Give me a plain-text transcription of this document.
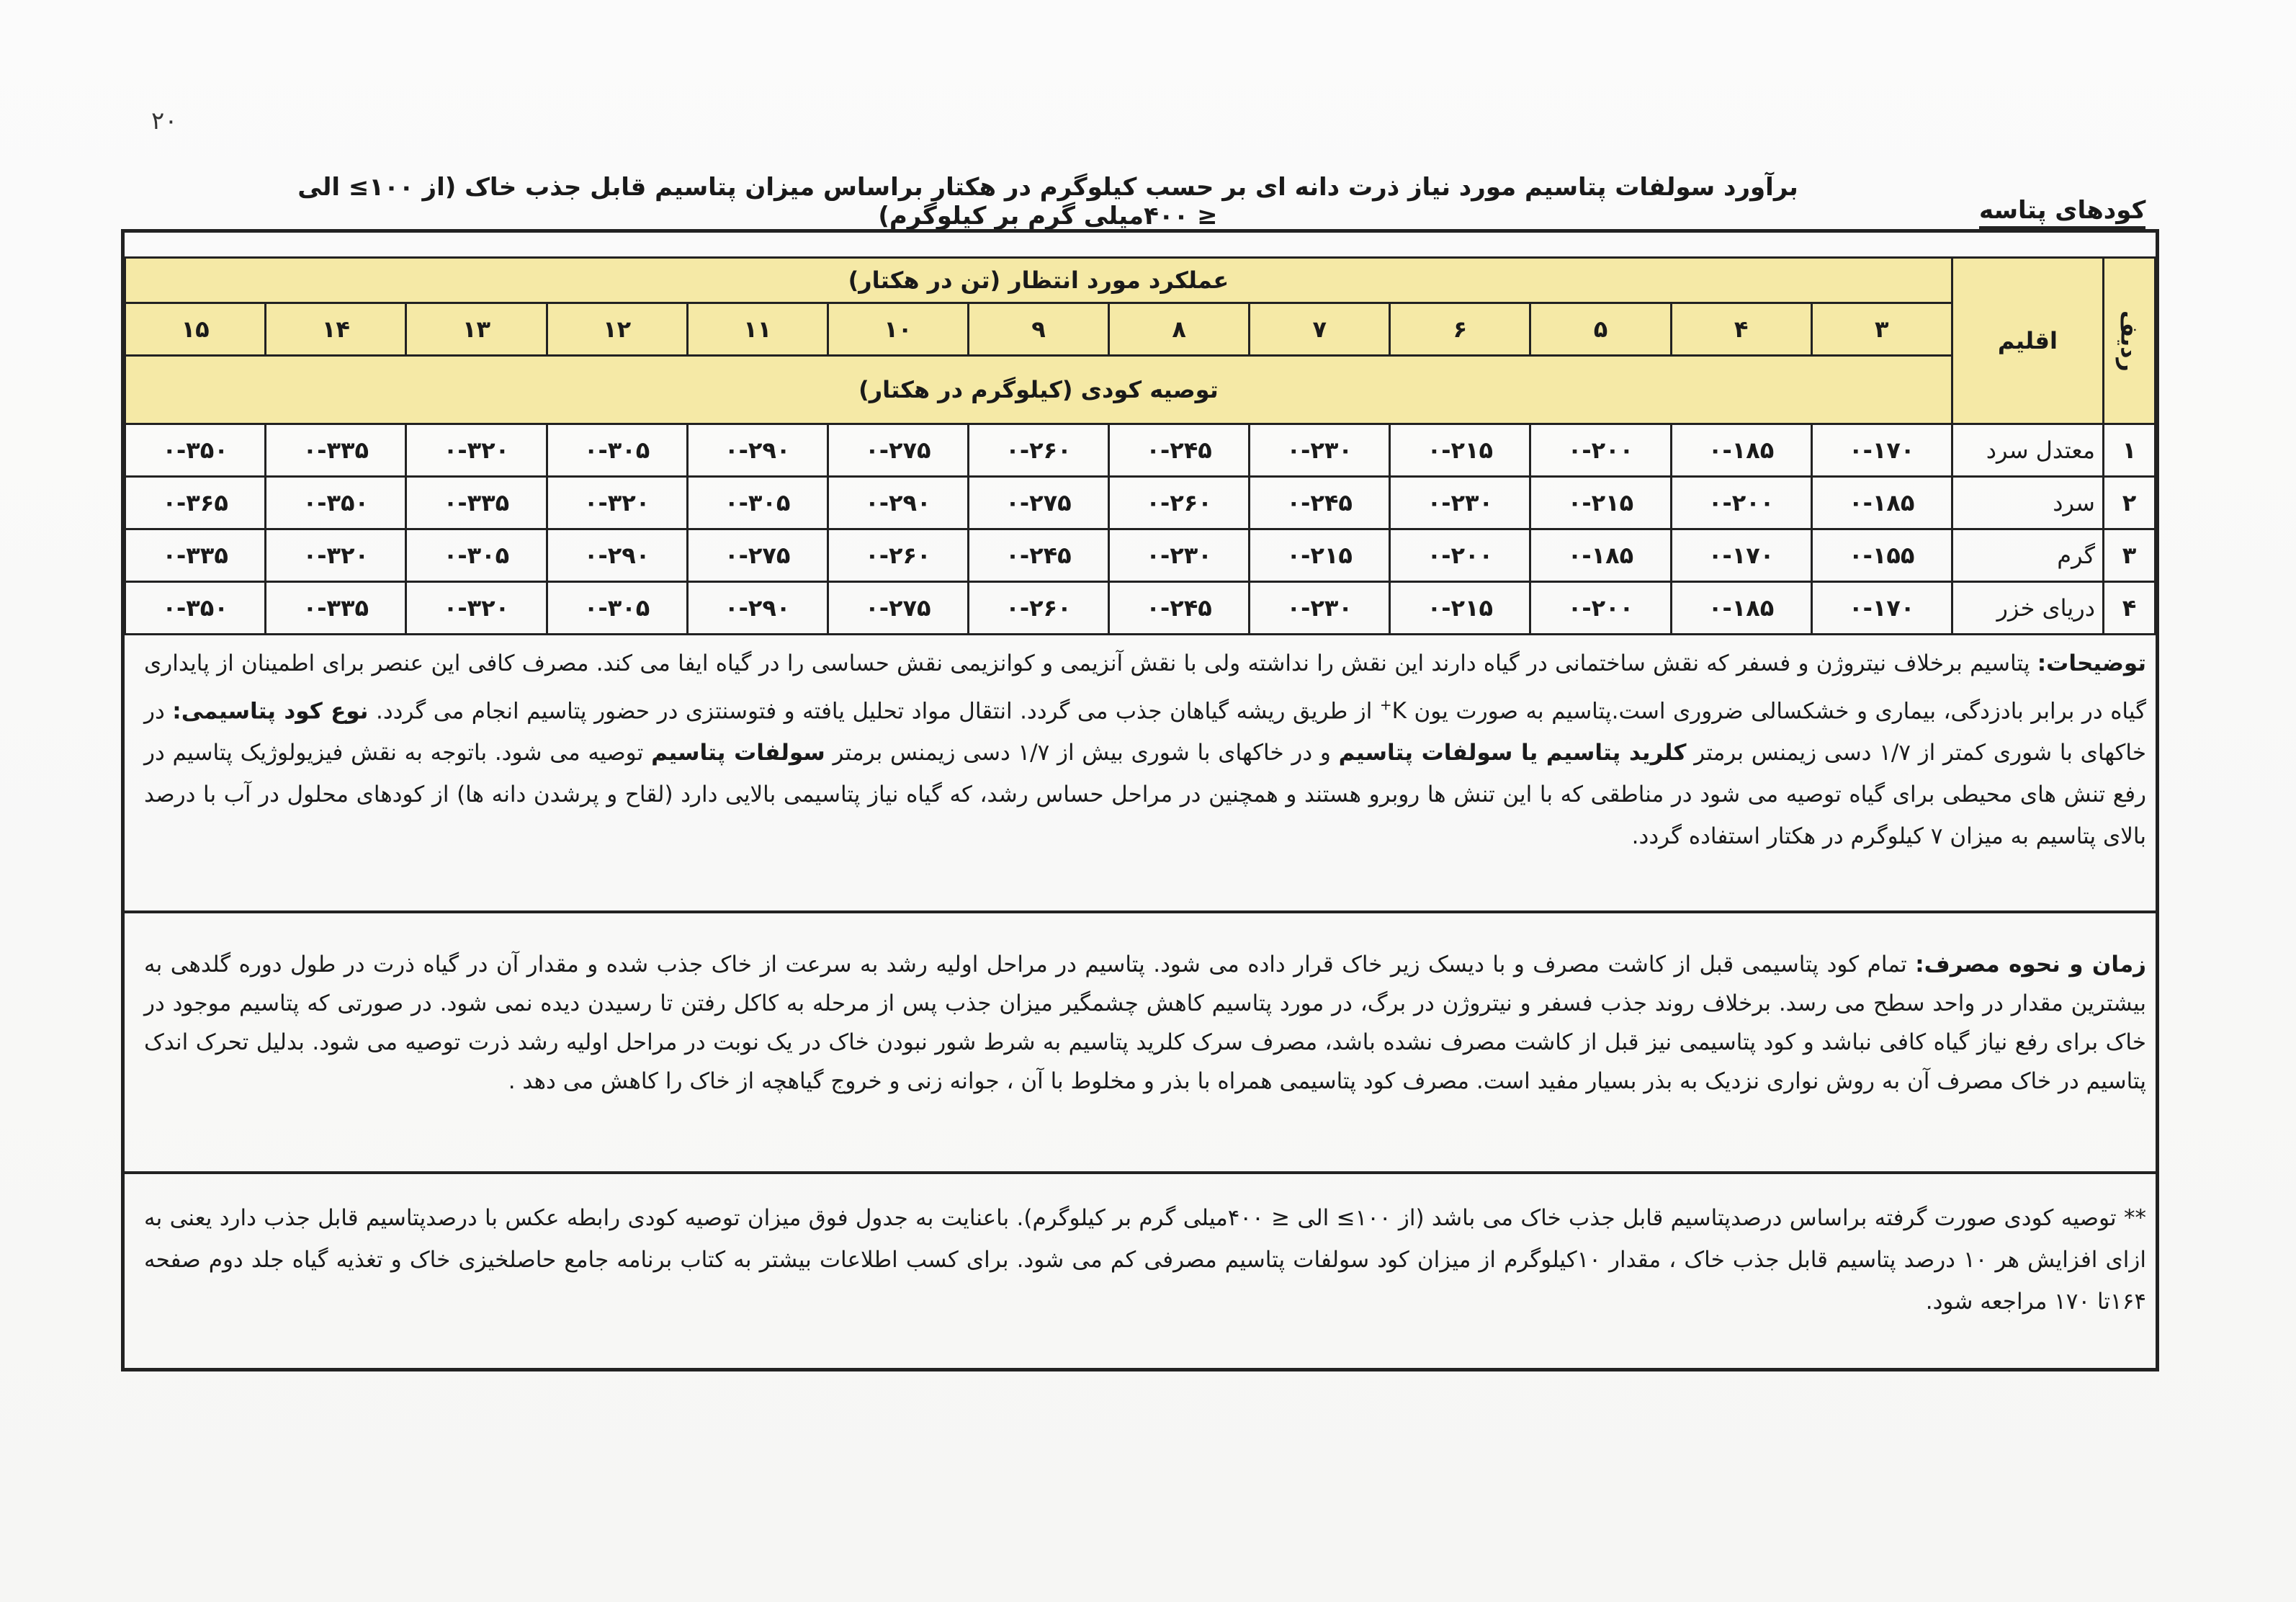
۲۰
کودهای پتاسه
برآورد سولفات پتاسیم مورد نیاز ذرت دانه ای بر حسب کیلوگرم در هکتار براساس میزان پتاسیم قابل جذب خاک (از ۱۰۰≥ الی ≤ ۴۰۰میلی گرم بر کیلوگرم)
ردیف	اقلیم	عملکرد مورد انتظار (تن در هکتار)												
		۳	۴	۵	۶	۷	۸	۹	۱۰	۱۱	۱۲	۱۳	۱۴	۱۵
		توصیه کودی (کیلوگرم در هکتار)												
۱	معتدل سرد	۰-۱۷۰	۰-۱۸۵	۰-۲۰۰	۰-۲۱۵	۰-۲۳۰	۰-۲۴۵	۰-۲۶۰	۰-۲۷۵	۰-۲۹۰	۰-۳۰۵	۰-۳۲۰	۰-۳۳۵	۰-۳۵۰
۲	سرد	۰-۱۸۵	۰-۲۰۰	۰-۲۱۵	۰-۲۳۰	۰-۲۴۵	۰-۲۶۰	۰-۲۷۵	۰-۲۹۰	۰-۳۰۵	۰-۳۲۰	۰-۳۳۵	۰-۳۵۰	۰-۳۶۵
۳	گرم	۰-۱۵۵	۰-۱۷۰	۰-۱۸۵	۰-۲۰۰	۰-۲۱۵	۰-۲۳۰	۰-۲۴۵	۰-۲۶۰	۰-۲۷۵	۰-۲۹۰	۰-۳۰۵	۰-۳۲۰	۰-۳۳۵
۴	دریای خزر	۰-۱۷۰	۰-۱۸۵	۰-۲۰۰	۰-۲۱۵	۰-۲۳۰	۰-۲۴۵	۰-۲۶۰	۰-۲۷۵	۰-۲۹۰	۰-۳۰۵	۰-۳۲۰	۰-۳۳۵	۰-۳۵۰
توضیحات: پتاسیم برخلاف نیتروژن و فسفر که نقش ساختمانی در گیاه دارند این نقش را نداشته ولی با نقش آنزیمی و کوانزیمی نقش حساسی را در گیاه ایفا می کند. مصرف کافی این عنصر برای اطمینان از پایداری گیاه در برابر بادزدگی، بیماری و خشکسالی ضروری است.پتاسیم به صورت یون K+ از طریق ریشه گیاهان جذب می گردد. انتقال مواد تحلیل یافته و فتوسنتزی در حضور پتاسیم انجام می گردد. نوع کود پتاسیمی: در خاکهای با شوری کمتر از ۱/۷ دسی زیمنس برمتر کلرید پتاسیم یا سولفات پتاسیم و در خاکهای با شوری بیش از ۱/۷ دسی زیمنس برمتر سولفات پتاسیم توصیه می شود. باتوجه به نقش فیزیولوژیک پتاسیم در رفع تنش های محیطی برای گیاه توصیه می شود در مناطقی که با این تنش ها روبرو هستند و همچنین در مراحل حساس رشد، که گیاه نیاز پتاسیمی بالایی دارد (لقاح و پرشدن دانه ها) از کودهای محلول در آب با درصد بالای پتاسیم به میزان ۷ کیلوگرم در هکتار استفاده گردد.
زمان و نحوه مصرف: تمام کود پتاسیمی قبل از کاشت مصرف و با دیسک زیر خاک قرار داده می شود. پتاسیم در مراحل اولیه رشد به سرعت از خاک جذب شده و مقدار آن در گیاه ذرت در طول دوره گلدهی به بیشترین مقدار در واحد سطح می رسد. برخلاف روند جذب فسفر و نیتروژن در برگ، در مورد پتاسیم کاهش چشمگیر میزان جذب پس از مرحله به کاکل رفتن تا رسیدن دیده نمی شود. در صورتی که پتاسیم موجود در خاک برای رفع نیاز گیاه کافی نباشد و کود پتاسیمی نیز قبل از کاشت مصرف نشده باشد، مصرف سرک کلرید پتاسیم به شرط شور نبودن خاک در یک نوبت در مراحل اولیه رشد ذرت توصیه می شود. بدلیل تحرک اندک پتاسیم در خاک مصرف آن به روش نواری نزدیک به بذر بسیار مفید است. مصرف کود پتاسیمی همراه با بذر و مخلوط با آن ، جوانه زنی و خروج گیاهچه از خاک را کاهش می دهد .
** توصیه کودی صورت گرفته براساس درصدپتاسیم قابل جذب خاک می باشد (از ۱۰۰≥ الی ≤ ۴۰۰میلی گرم بر کیلوگرم). باعنایت به جدول فوق میزان توصیه کودی رابطه عکس با درصدپتاسیم قابل جذب دارد یعنی به ازای افزایش هر ۱۰ درصد پتاسیم قابل جذب خاک ، مقدار ۱۰کیلوگرم از میزان کود سولفات پتاسیم مصرفی کم می شود. برای کسب اطلاعات بیشتر به کتاب برنامه جامع حاصلخیزی خاک و تغذیه گیاه جلد دوم صفحه ۱۶۴تا ۱۷۰ مراجعه شود.
